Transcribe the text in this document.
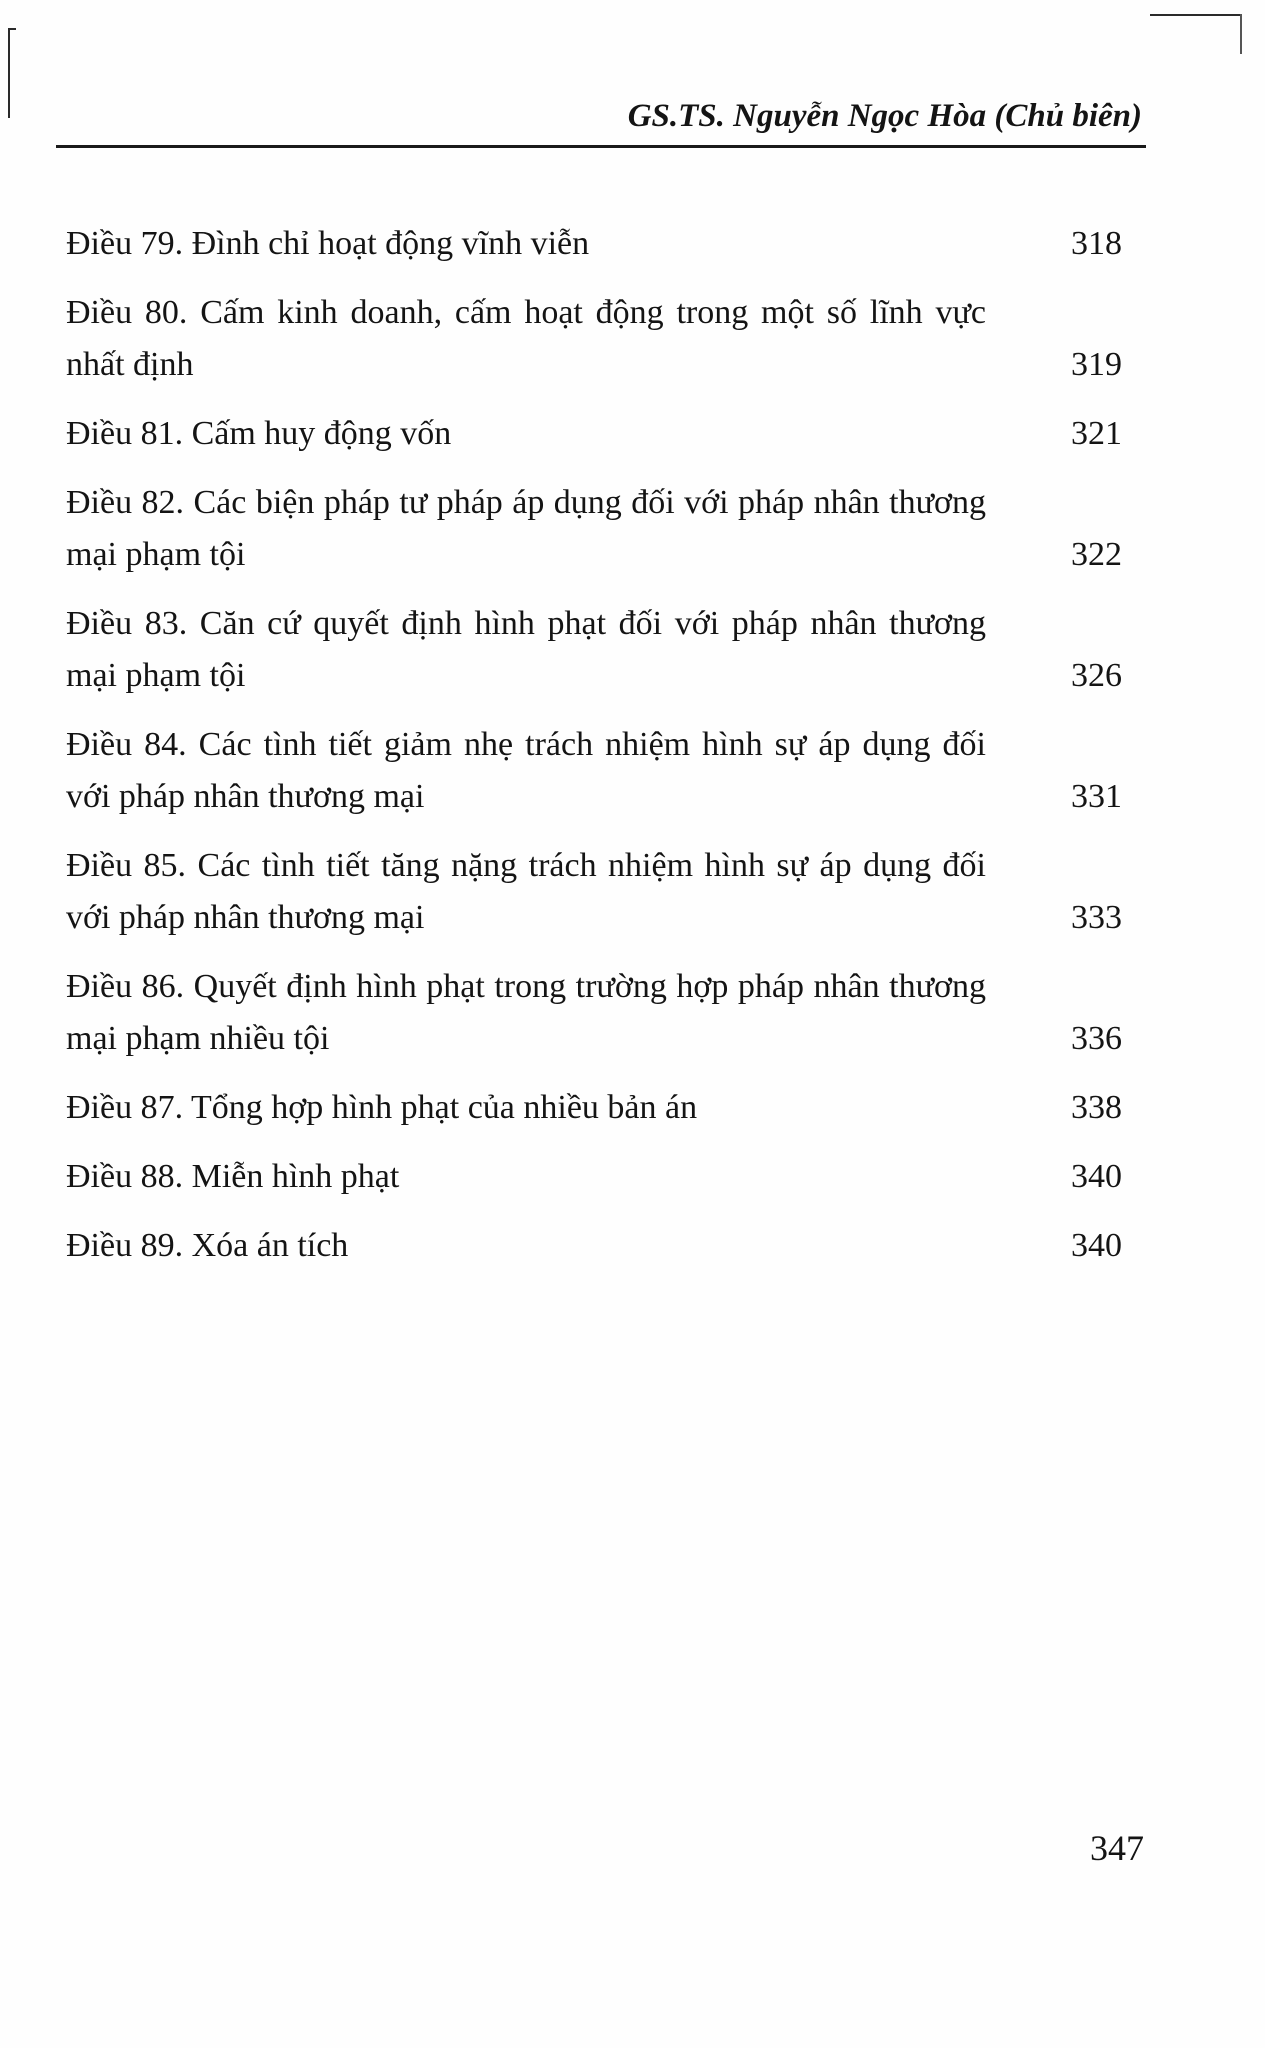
GS.TS. Nguyễn Ngọc Hòa (Chủ biên)
Điều 79. Đình chỉ hoạt động vĩnh viễn	318
Điều 80. Cấm kinh doanh, cấm hoạt động trong một số lĩnh vực nhất định	319
Điều 81. Cấm huy động vốn	321
Điều 82. Các biện pháp tư pháp áp dụng đối với pháp nhân thương mại phạm tội	322
Điều 83. Căn cứ quyết định hình phạt đối với pháp nhân thương mại phạm tội	326
Điều 84. Các tình tiết giảm nhẹ trách nhiệm hình sự áp dụng đối với pháp nhân thương mại	331
Điều 85. Các tình tiết tăng nặng trách nhiệm hình sự áp dụng đối với pháp nhân thương mại	333
Điều 86. Quyết định hình phạt trong trường hợp pháp nhân thương mại phạm nhiều tội	336
Điều 87. Tổng hợp hình phạt của nhiều bản án	338
Điều 88. Miễn hình phạt	340
Điều 89. Xóa án tích	340
347
